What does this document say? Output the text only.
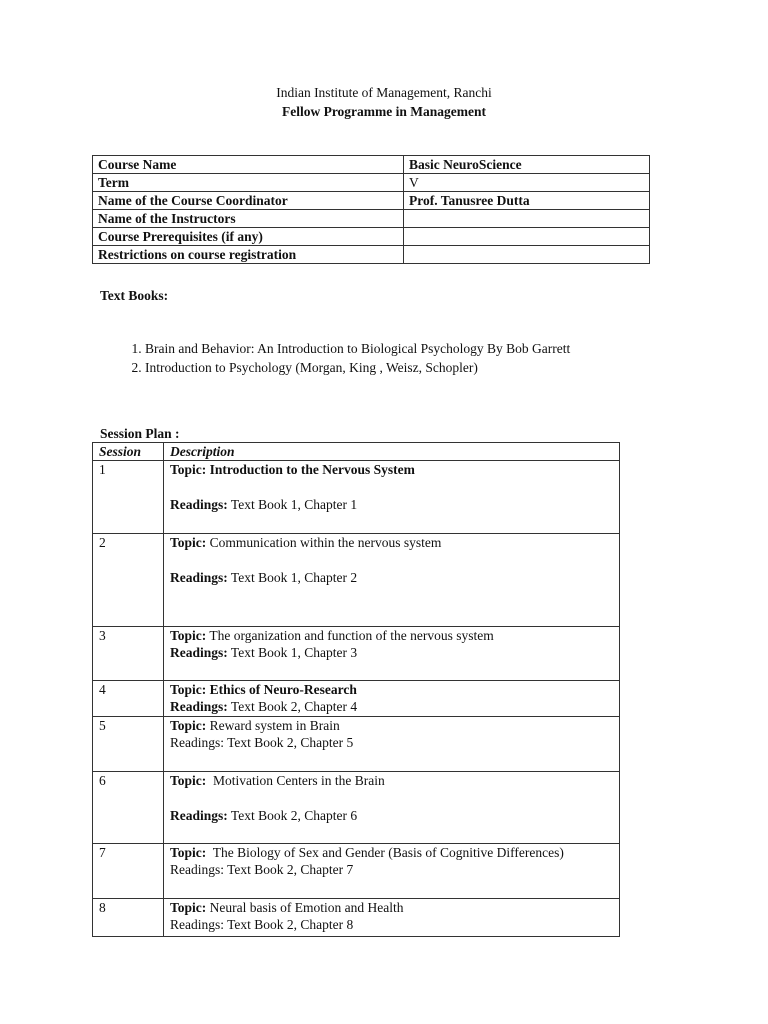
Indian Institute of Management, Ranchi
Fellow Programme in Management
Course Name	Basic NeuroScience
Term	V
Name of the Course Coordinator	Prof. Tanusree Dutta
Name of the Instructors	
Course Prerequisites (if any)	
Restrictions on course registration	
Text Books:
1. Brain and Behavior: An Introduction to Biological Psychology By Bob Garrett
2. Introduction to Psychology (Morgan, King , Weisz, Schopler)
Session Plan :
Session	Description
1	Topic: Introduction to the Nervous System
Readings: Text Book 1, Chapter 1

2	Topic: Communication within the nervous system
Readings: Text Book 1, Chapter 2

3	Topic: The organization and function of the nervous system
Readings: Text Book 1, Chapter 3

4	Topic: Ethics of Neuro-Research
Readings: Text Book 2, Chapter 4

5	Topic: Reward system in Brain
Readings: Text Book 2, Chapter 5

6	Topic: Motivation Centers in the Brain
Readings: Text Book 2, Chapter 6

7	Topic: The Biology of Sex and Gender (Basis of Cognitive Differences)
Readings: Text Book 2, Chapter 7

8	Topic: Neural basis of Emotion and Health
Readings: Text Book 2, Chapter 8
